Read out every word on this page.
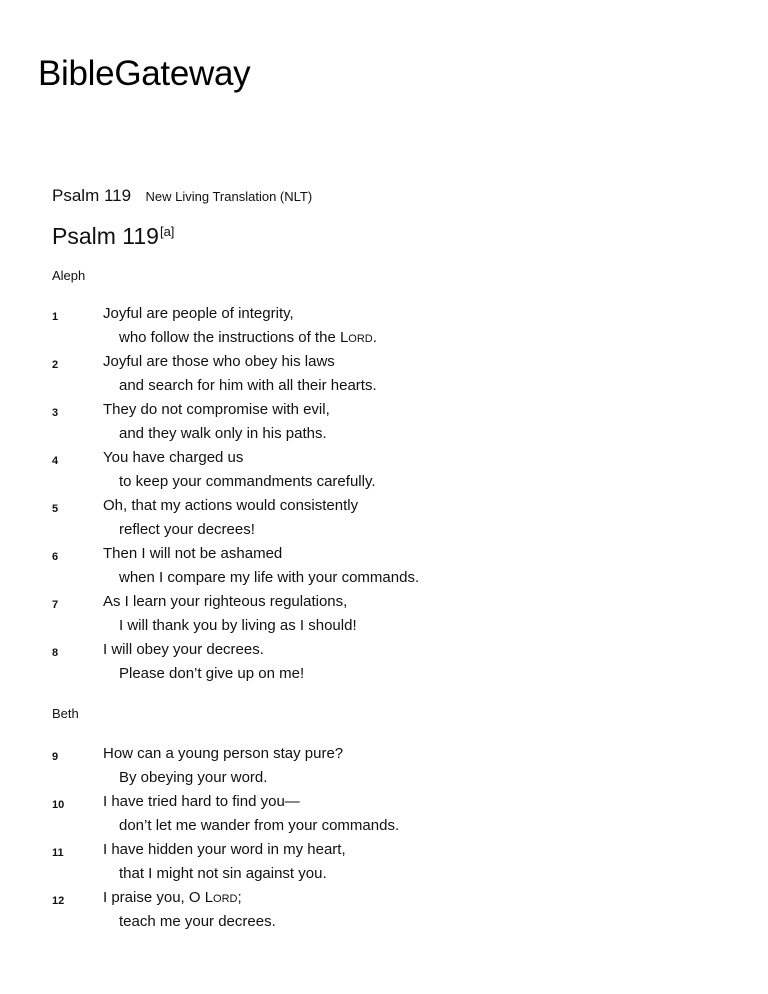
BibleGateway
Psalm 119 New Living Translation (NLT)
Psalm 119[a]
Aleph
1	Joyful are people of integrity,
who follow the instructions of the Lord.
2	Joyful are those who obey his laws
and search for him with all their hearts.
3	They do not compromise with evil,
and they walk only in his paths.
4	You have charged us
to keep your commandments carefully.
5	Oh, that my actions would consistently
reflect your decrees!
6	Then I will not be ashamed
when I compare my life with your commands.
7	As I learn your righteous regulations,
I will thank you by living as I should!
8	I will obey your decrees.
Please don’t give up on me!
Beth
9	How can a young person stay pure?
By obeying your word.
10	I have tried hard to find you—
don’t let me wander from your commands.
11	I have hidden your word in my heart,
that I might not sin against you.
12	I praise you, O Lord;
teach me your decrees.
